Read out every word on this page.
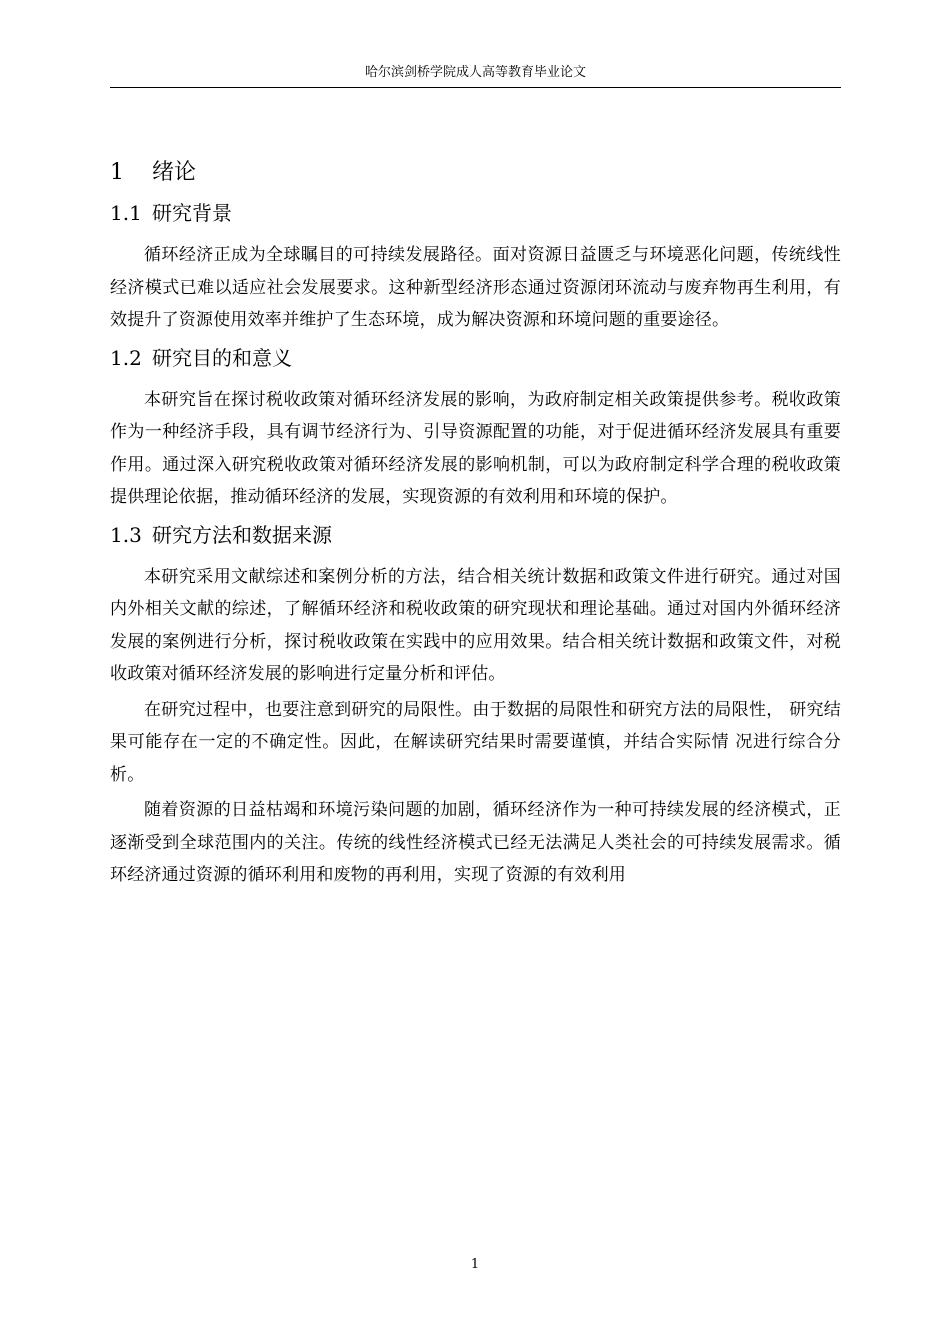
哈尔滨剑桥学院成人高等教育毕业论文
1	绪论
1.1 研究背景

循环经济正成为全球瞩目的可持续发展路径。面对资源日益匮乏与环境恶化问题，传统线性经济模式已难以适应社会发展要求。这种新型经济形态通过资源闭环流动与废弃物再生利用，有效提升了资源使用效率并维护了生态环境，成为解决资源和环境问题的重要途径。

1.2 研究目的和意义

本研究旨在探讨税收政策对循环经济发展的影响，为政府制定相关政策提供参考。税收政策作为一种经济手段，具有调节经济行为、引导资源配置的功能，对于促进循环经济发展具有重要作用。通过深入研究税收政策对循环经济发展的影响机制，可以为政府制定科学合理的税收政策提供理论依据，推动循环经济的发展，实现资源的有效利用和环境的保护。

1.3 研究方法和数据来源

本研究采用文献综述和案例分析的方法，结合相关统计数据和政策文件进行研究。通过对国内外相关文献的综述，了解循环经济和税收政策的研究现状和理论基础。通过对国内外循环经济发展的案例进行分析，探讨税收政策在实践中的应用效果。结合相关统计数据和政策文件，对税收政策对循环经济发展的影响进行定量分析和评估。

在研究过程中，也要注意到研究的局限性。由于数据的局限性和研究方法的局限性， 研究结果可能存在一定的不确定性。因此，在解读研究结果时需要谨慎，并结合实际情 况进行综合分析。

随着资源的日益枯竭和环境污染问题的加剧，循环经济作为一种可持续发展的经济模式，正逐渐受到全球范围内的关注。传统的线性经济模式已经无法满足人类社会的可持续发展需求。循环经济通过资源的循环利用和废物的再利用，实现了资源的有效利用

1
